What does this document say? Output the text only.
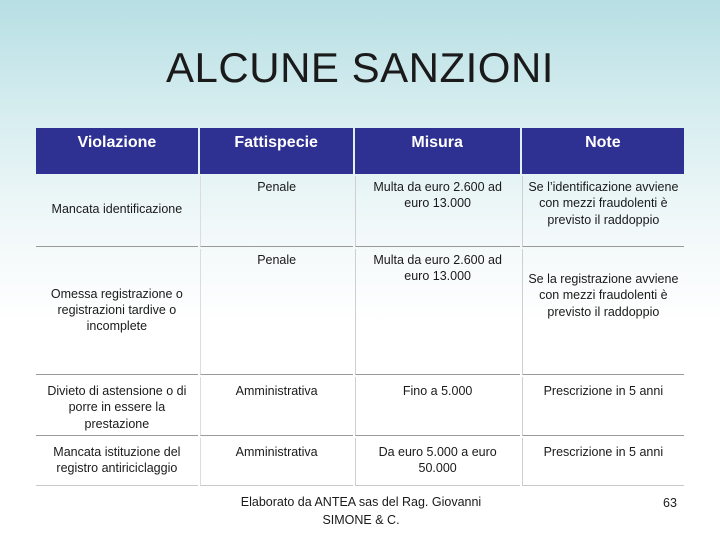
ALCUNE SANZIONI
Violazione	Fattispecie	Misura	Note
Mancata identificazione	Penale	Multa da euro 2.600 ad euro 13.000	Se l’identificazione avviene con mezzi fraudolenti è previsto il raddoppio
Omessa registrazione o registrazioni tardive o incomplete	Penale	Multa da euro 2.600 ad euro 13.000	Se la registrazione avviene con mezzi fraudolenti è previsto il raddoppio
Divieto di astensione o di porre in essere la prestazione	Amministrativa	Fino a 5.000	Prescrizione in 5 anni
Mancata istituzione del registro antiriciclaggio	Amministrativa	Da euro 5.000 a euro 50.000	Prescrizione in 5 anni
Elaborato da ANTEA sas del Rag. Giovanni SIMONE & C.
63
